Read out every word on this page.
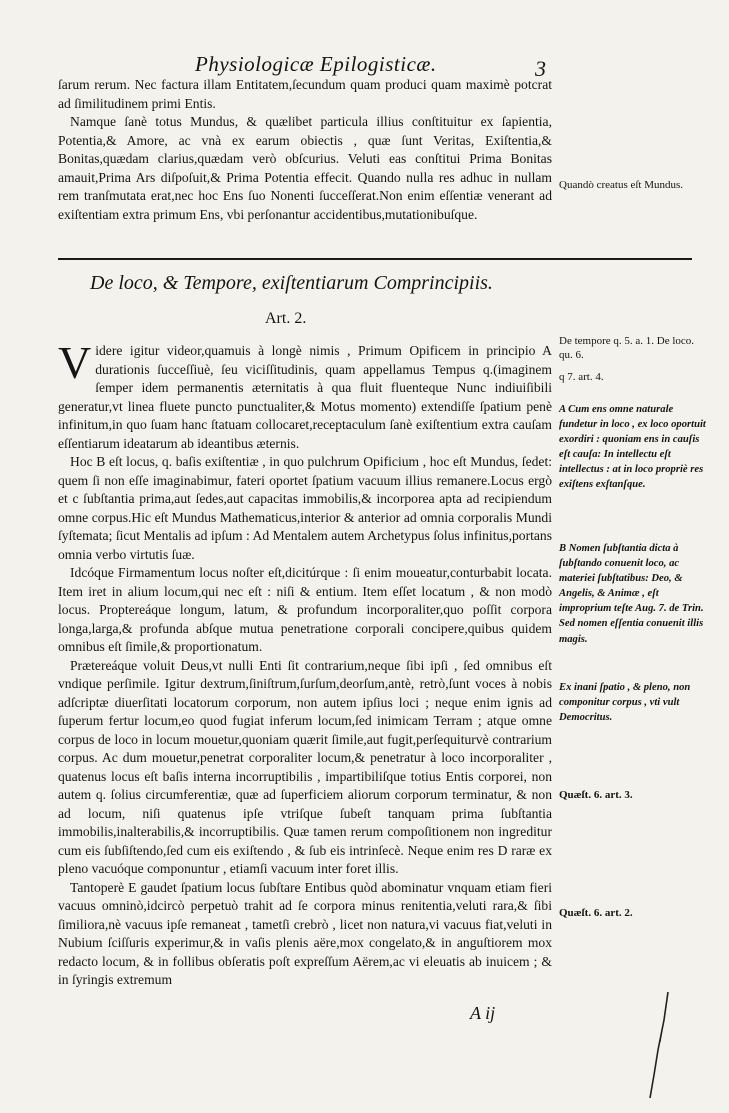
Physiologicæ Epilogisticæ.	3

ſarum rerum. Nec factura illam Entitatem,ſecundum quam produci quam maximè potcrat ad ſimilitudinem primi Entis.

Namque ſanè totus Mundus, & quælibet particula illius conſtituitur ex ſapientia, Potentia,& Amore, ac vnà ex earum obiectis , quæ ſunt Veritas, Exiſtentia,& Bonitas,quædam clarius,quædam verò obſcurius. Veluti eas conſtitui Prima Bonitas amauit,Prima Ars diſpoſuit,& Prima Potentia effecit. Quando nulla res adhuc in nullam rem tranſmutata erat,nec hoc Ens ſuo Nonenti ſucceſſerat.Non enim eſſentiæ venerant ad exiſtentiam extra primum Ens, vbi perſonantur accidentibus,mutationibuſque.

Quandò creatus eſt Mundus.

De loco, & Tempore, exiſtentiarum Comprincipiis.
Art. 2.

Videre igitur videor,quamuis à longè nimis , Primum Opificem in principio A durationis ſucceſſiuè, ſeu viciſſitudinis, quam appellamus Tempus q.(imaginem ſemper idem permanentis æternitatis à qua fluit fluenteque Nunc indiuiſibili generatur,vt linea fluete puncto punctualiter,& Motus momento) extendiſſe ſpatium penè infinitum,in quo ſuam hanc ſtatuam collocaret,receptaculum ſanè exiſtentium extra cauſam eſſentiarum ideatarum ab ideantibus æternis.

Hoc B eſt locus, q. baſis exiſtentiæ , in quo pulchrum Opificium , hoc eſt Mundus, ſedet: quem ſi non eſſe imaginabimur, fateri oportet ſpatium vacuum illius remanere.Locus ergò et c ſubſtantia prima,aut ſedes,aut capacitas immobilis,& incorporea apta ad recipiendum omne corpus.Hic eſt Mundus Mathematicus,interior & anterior ad omnia corporalis Mundi ſyſtemata; ſicut Mentalis ad ipſum : Ad Mentalem autem Archetypus ſolus infinitus,portans omnia verbo virtutis ſuæ.

Idcóque Firmamentum locus noſter eſt,dicitúrque : ſi enim moueatur,conturbabit locata. Item iret in alium locum,qui nec eſt : niſi & entium. Item eſſet locatum , & non modò locus. Proptereáque longum, latum, & profundum incorporaliter,quo poſſit corpora longa,larga,& profunda abſque mutua penetratione corporali concipere,quibus quidem omnibus eſt ſimile,& proportionatum.

Prætereáque voluit Deus,vt nulli Enti ſit contrarium,neque ſibi ipſi , ſed omnibus eſt vndique perſimile. Igitur dextrum,ſiniſtrum,ſurſum,deorſum,antè, retrò,ſunt voces à nobis adſcriptæ diuerſitati locatorum corporum, non autem ipſius loci ; neque enim ignis ad ſuperum fertur locum,eo quod fugiat inferum locum,ſed inimicam Terram ; atque omne corpus de loco in locum mouetur,quoniam quærit ſimile,aut fugit,perſequiturvè contrarium corpus. Ac dum mouetur,penetrat corporaliter locum,& penetratur à loco incorporaliter , quatenus locus eſt baſis interna incorruptibilis , impartibiliſque totius Entis corporei, non autem q. ſolius circumferentiæ, quæ ad ſuperficiem aliorum corporum terminatur, & non ad locum, niſi quatenus ipſe vtriſque ſubeſt tanquam prima ſubſtantia immobilis,inalterabilis,& incorruptibilis. Quæ tamen rerum compoſitionem non ingreditur cum eis ſubſiſtendo,ſed cum eis exiſtendo , & ſub eis intrinſecè. Neque enim res D raræ ex pleno vacuóque componuntur , etiamſi vacuum inter foret illis.

Tantoperè E gaudet ſpatium locus ſubſtare Entibus quòd abominatur vnquam etiam fieri vacuus omninò,idcircò perpetuò trahit ad ſe corpora minus renitentia,veluti rara,& ſibi ſimiliora,nè vacuus ipſe remaneat , tametſi crebrò , licet non natura,vi vacuus fiat,veluti in Nubium ſciſſuris experimur,& in vaſis plenis aëre,mox congelato,& in anguſtiorem mox redacto locum, & in follibus obſeratis poſt expreſſum Aërem,ac vi eleuatis ab inuicem ; & in ſyringis extremum

De tempore q. 5. a. 1. De loco. qu. 6.

q 7. art. 4.

A Cum ens omne naturale fundetur in loco , ex loco oportuit exordiri : quoniam ens in cauſis eſt cauſa: In intellectu eſt intellectus : at in loco propriè res exiſtens exſtanſque.

B Nomen ſubſtantia dicta à ſubſtando conuenit loco, ac materiei ſubſtatibus: Deo, & Angelis, & Animæ , eſt improprium teſte Aug. 7. de Trin. Sed nomen eſſentia conuenit illis magis.

Ex inani ſpatio , & pleno, non componitur corpus , vti vult Democritus.

Quæſt. 6. art. 3.

Quæſt. 6. art. 2.

A ij
